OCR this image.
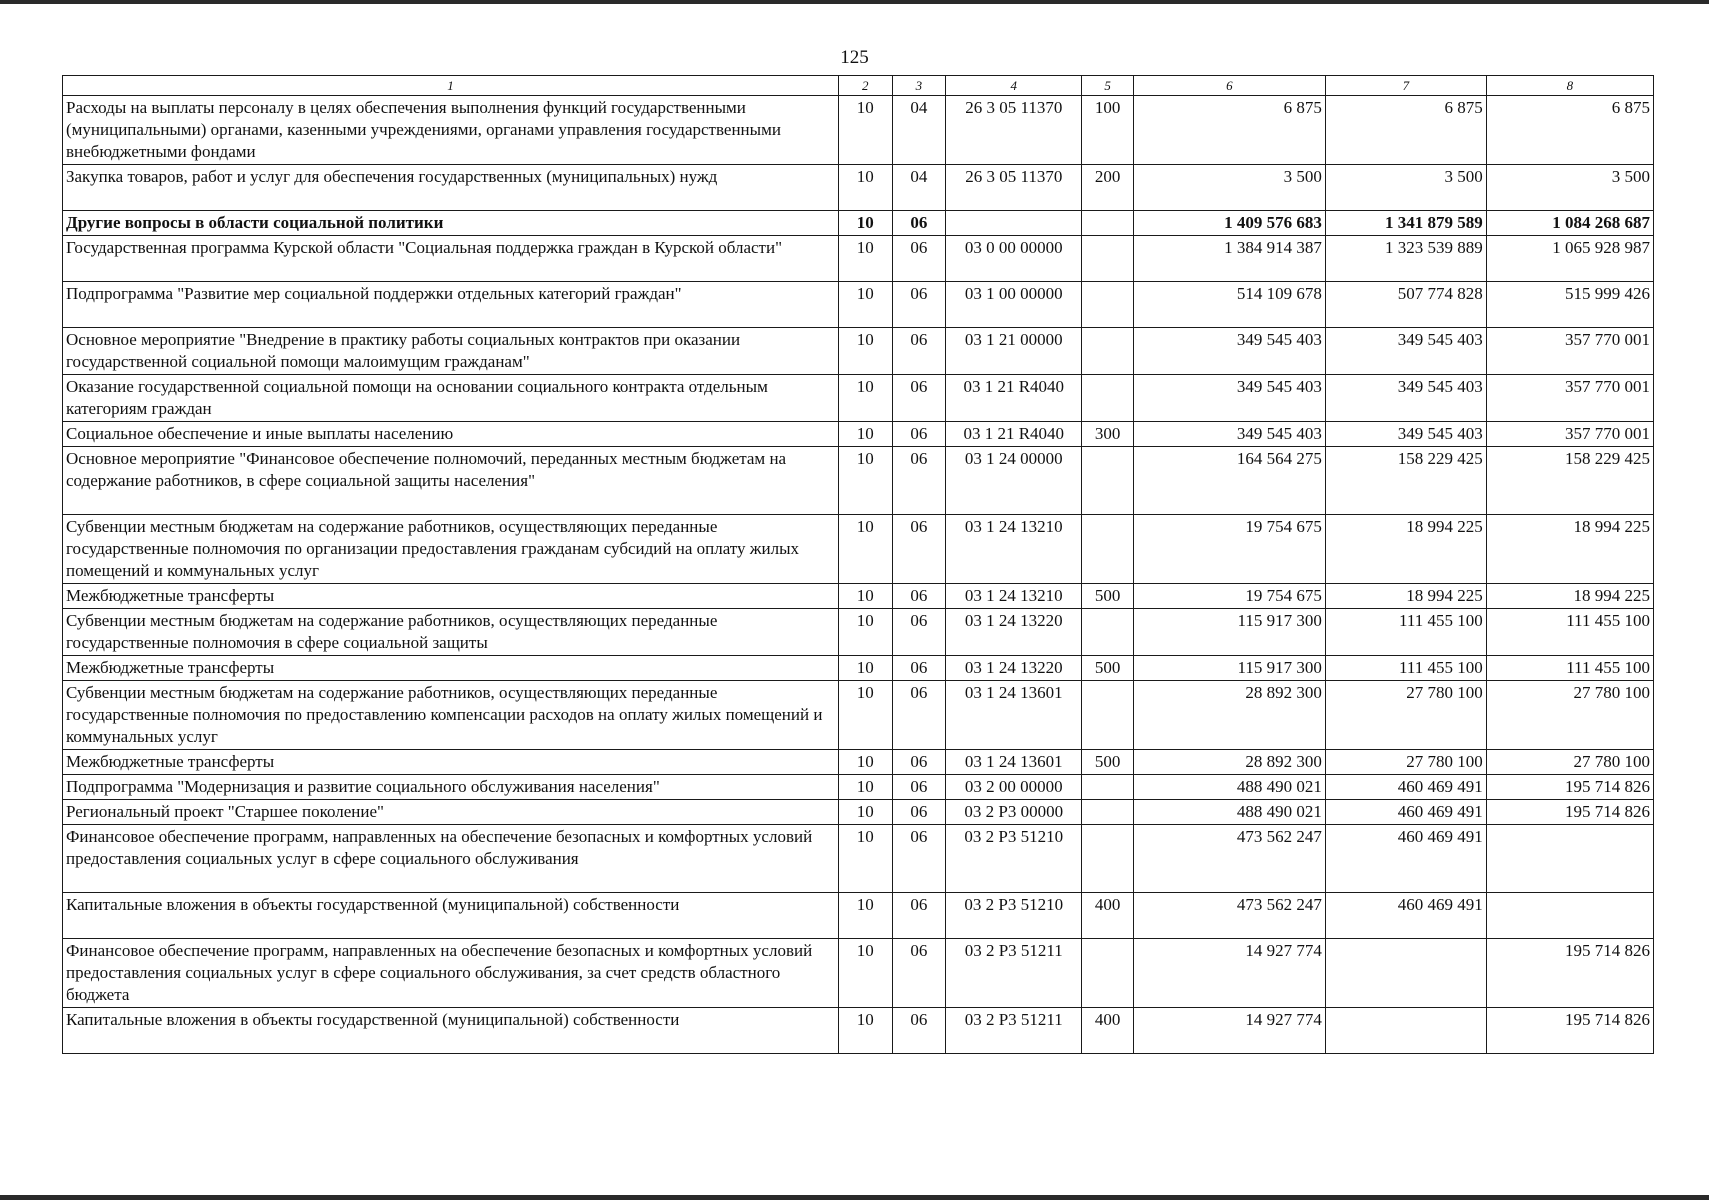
125
1	2	3	4	5	6	7	8
Расходы на выплаты персоналу в целях обеспечения выполнения функций государственными (муниципальными) органами, казенными учреждениями, органами управления государственными внебюджетными фондами	10	04	26 3 05 11370	100	6 875	6 875	6 875
Закупка товаров, работ и услуг для обеспечения государственных (муниципальных) нужд	10	04	26 3 05 11370	200	3 500	3 500	3 500
Другие вопросы в области социальной политики	10	06			1 409 576 683	1 341 879 589	1 084 268 687
Государственная программа Курской области "Социальная поддержка граждан в Курской области"	10	06	03 0 00 00000		1 384 914 387	1 323 539 889	1 065 928 987
Подпрограмма "Развитие мер социальной поддержки отдельных категорий граждан"	10	06	03 1 00 00000		514 109 678	507 774 828	515 999 426
Основное мероприятие "Внедрение в практику работы социальных контрактов при оказании государственной социальной помощи малоимущим гражданам"	10	06	03 1 21 00000		349 545 403	349 545 403	357 770 001
Оказание государственной социальной помощи на основании социального контракта отдельным категориям граждан	10	06	03 1 21 R4040		349 545 403	349 545 403	357 770 001
Социальное обеспечение и иные выплаты населению	10	06	03 1 21 R4040	300	349 545 403	349 545 403	357 770 001
Основное мероприятие "Финансовое обеспечение полномочий, переданных местным бюджетам на содержание работников, в сфере социальной защиты населения"	10	06	03 1 24 00000		164 564 275	158 229 425	158 229 425
Субвенции местным бюджетам на содержание работников, осуществляющих переданные государственные полномочия по организации предоставления гражданам субсидий на оплату жилых помещений и коммунальных услуг	10	06	03 1 24 13210		19 754 675	18 994 225	18 994 225
Межбюджетные трансферты	10	06	03 1 24 13210	500	19 754 675	18 994 225	18 994 225
Субвенции местным бюджетам на содержание работников, осуществляющих переданные государственные полномочия в сфере социальной защиты	10	06	03 1 24 13220		115 917 300	111 455 100	111 455 100
Межбюджетные трансферты	10	06	03 1 24 13220	500	115 917 300	111 455 100	111 455 100
Субвенции местным бюджетам на содержание работников, осуществляющих переданные государственные полномочия по предоставлению компенсации расходов на оплату жилых помещений и коммунальных услуг	10	06	03 1 24 13601		28 892 300	27 780 100	27 780 100
Межбюджетные трансферты	10	06	03 1 24 13601	500	28 892 300	27 780 100	27 780 100
Подпрограмма "Модернизация и развитие социального обслуживания населения"	10	06	03 2 00 00000		488 490 021	460 469 491	195 714 826
Региональный проект "Старшее поколение"	10	06	03 2 P3 00000		488 490 021	460 469 491	195 714 826
Финансовое обеспечение программ, направленных на обеспечение безопасных и комфортных условий предоставления социальных услуг в сфере социального обслуживания	10	06	03 2 P3 51210		473 562 247	460 469 491	
Капитальные вложения в объекты государственной (муниципальной) собственности	10	06	03 2 P3 51210	400	473 562 247	460 469 491	
Финансовое обеспечение программ, направленных на обеспечение безопасных и комфортных условий предоставления социальных услуг в сфере социального обслуживания, за счет средств областного бюджета	10	06	03 2 P3 51211		14 927 774		195 714 826
Капитальные вложения в объекты государственной (муниципальной) собственности	10	06	03 2 P3 51211	400	14 927 774		195 714 826
